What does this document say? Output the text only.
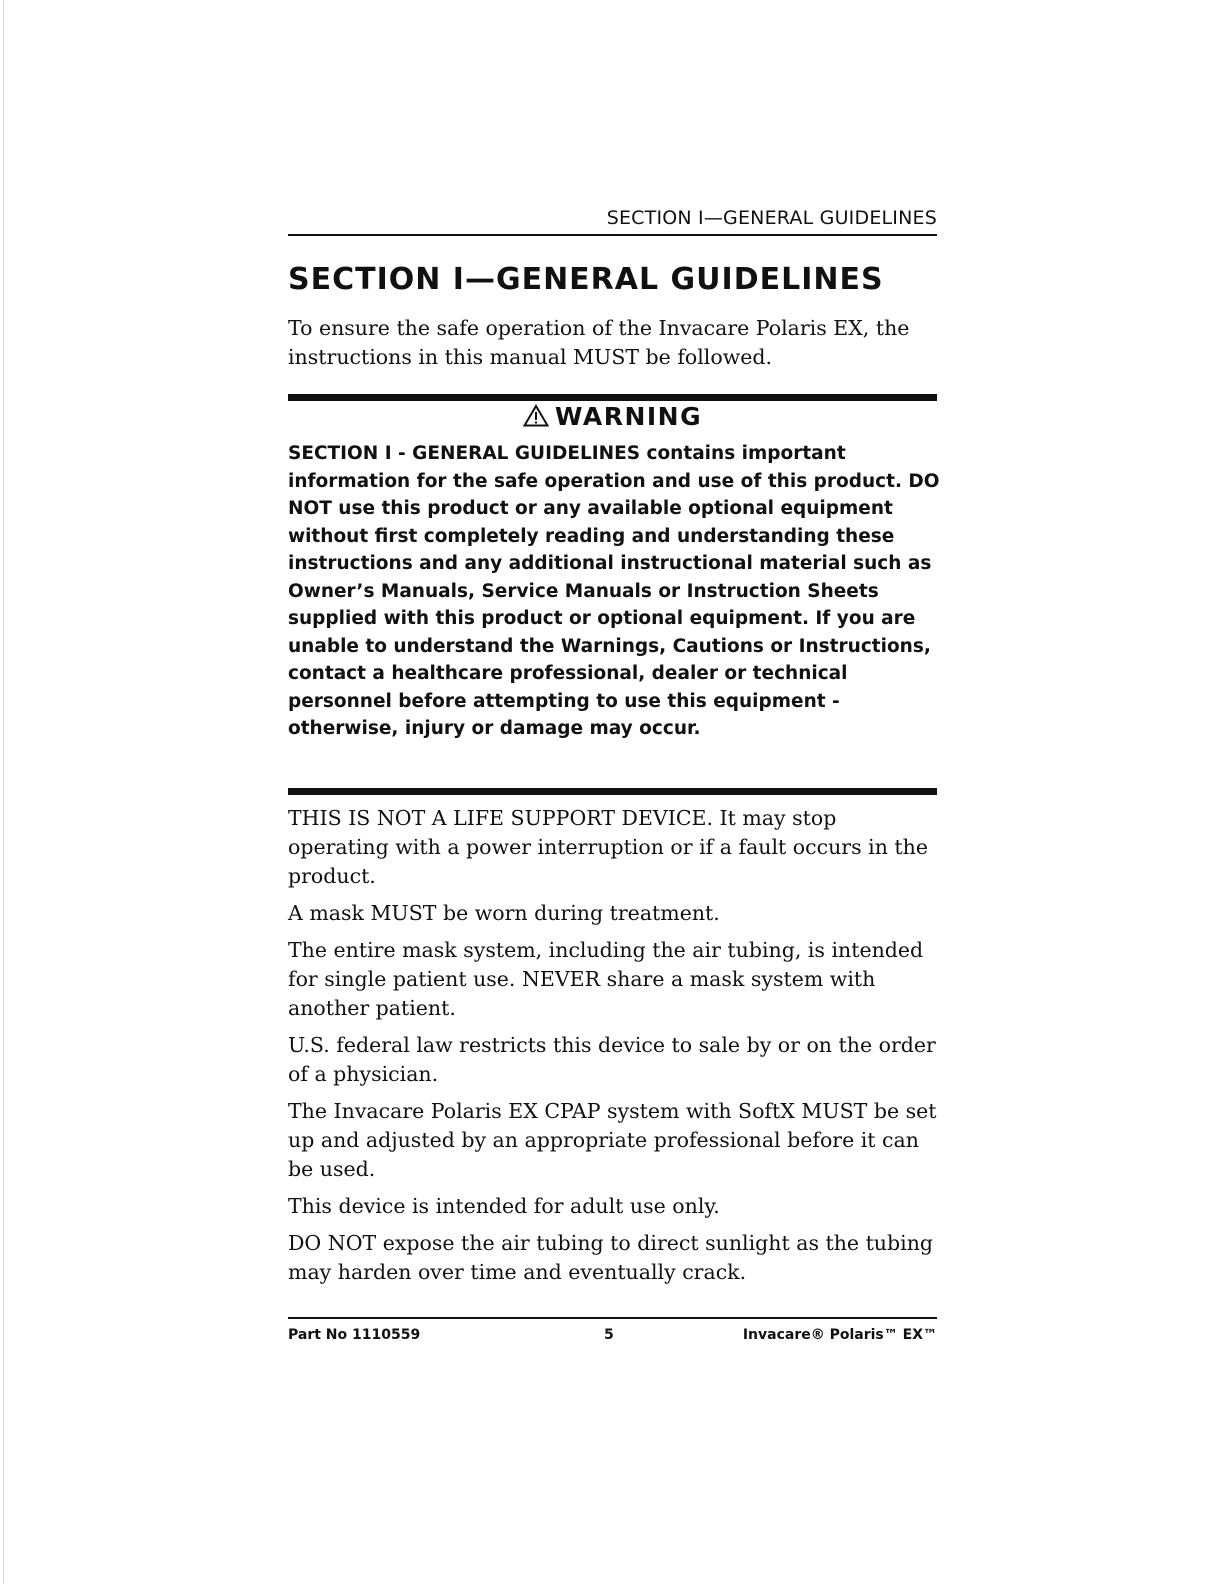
SECTION I—GENERAL GUIDELINES
SECTION I—GENERAL GUIDELINES

To ensure the safe operation of the Invacare Polaris EX, the instructions in this manual MUST be followed.

WARNING

SECTION I - GENERAL GUIDELINES contains important information for the safe operation and use of this product. DO NOT use this product or any available optional equipment without first completely reading and understanding these instructions and any additional instructional material such as Owner’s Manuals, Service Manuals or Instruction Sheets supplied with this product or optional equipment. If you are unable to understand the Warnings, Cautions or Instructions, contact a healthcare professional, dealer or technical personnel before attempting to use this equipment - otherwise, injury or damage may occur.

THIS IS NOT A LIFE SUPPORT DEVICE. It may stop operating with a power interruption or if a fault occurs in the product.

A mask MUST be worn during treatment.

The entire mask system, including the air tubing, is intended for single patient use. NEVER share a mask system with another patient.

U.S. federal law restricts this device to sale by or on the order of a physician.

The Invacare Polaris EX CPAP system with SoftX MUST be set up and adjusted by an appropriate professional before it can be used.

This device is intended for adult use only.

DO NOT expose the air tubing to direct sunlight as the tubing may harden over time and eventually crack.

Part No 1110559	5	Invacare® Polaris™ EX™
